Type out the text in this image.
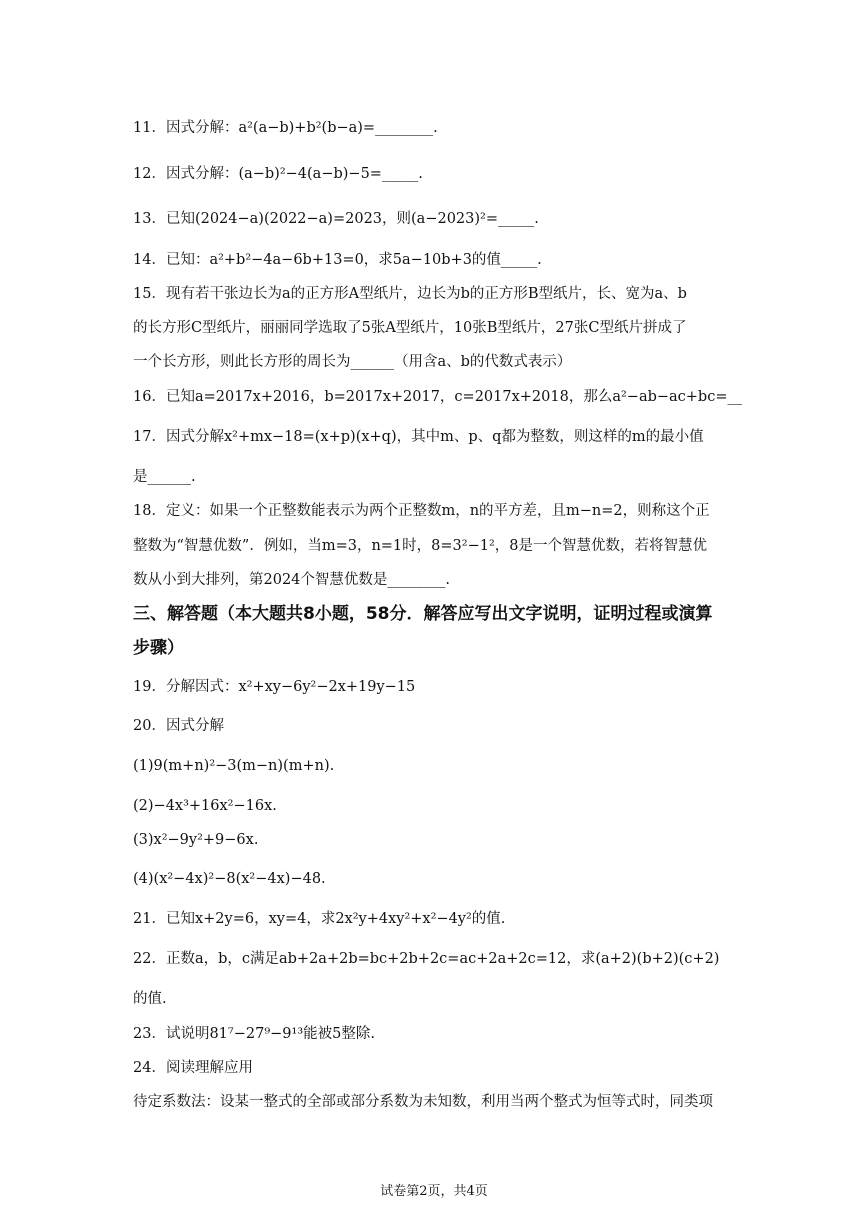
11．因式分解：a²(a−b)+b²(b−a)=________.
12．因式分解：(a−b)²−4(a−b)−5=_____.
13．已知(2024−a)(2022−a)=2023，则(a−2023)²=_____.
14．已知：a²+b²−4a−6b+13=0，求5a−10b+3的值_____.
15．现有若干张边长为a的正方形A型纸片，边长为b的正方形B型纸片，长、宽为a、b
的长方形C型纸片，丽丽同学选取了5张A型纸片，10张B型纸片，27张C型纸片拼成了
一个长方形，则此长方形的周长为______（用含a、b的代数式表示）
16．已知a=2017x+2016，b=2017x+2017，c=2017x+2018，那么a²−ab−ac+bc=__
17．因式分解x²+mx−18=(x+p)(x+q)，其中m、p、q都为整数，则这样的m的最小值
是______.
18．定义：如果一个正整数能表示为两个正整数m，n的平方差，且m−n=2，则称这个正
整数为“智慧优数”．例如，当m=3，n=1时，8=3²−1²，8是一个智慧优数，若将智慧优
数从小到大排列，第2024个智慧优数是________.
三、解答题（本大题共8小题，58分．解答应写出文字说明，证明过程或演算
步骤）
19．分解因式：x²+xy−6y²−2x+19y−15
20．因式分解
(1)9(m+n)²−3(m−n)(m+n).
(2)−4x³+16x²−16x.
(3)x²−9y²+9−6x.
(4)(x²−4x)²−8(x²−4x)−48.
21．已知x+2y=6，xy=4，求2x²y+4xy²+x²−4y²的值.
22．正数a，b，c满足ab+2a+2b=bc+2b+2c=ac+2a+2c=12，求(a+2)(b+2)(c+2)
的值.
23．试说明81⁷−27⁹−9¹³能被5整除.
24．阅读理解应用
待定系数法：设某一整式的全部或部分系数为未知数，利用当两个整式为恒等式时，同类项
试卷第2页，共4页
